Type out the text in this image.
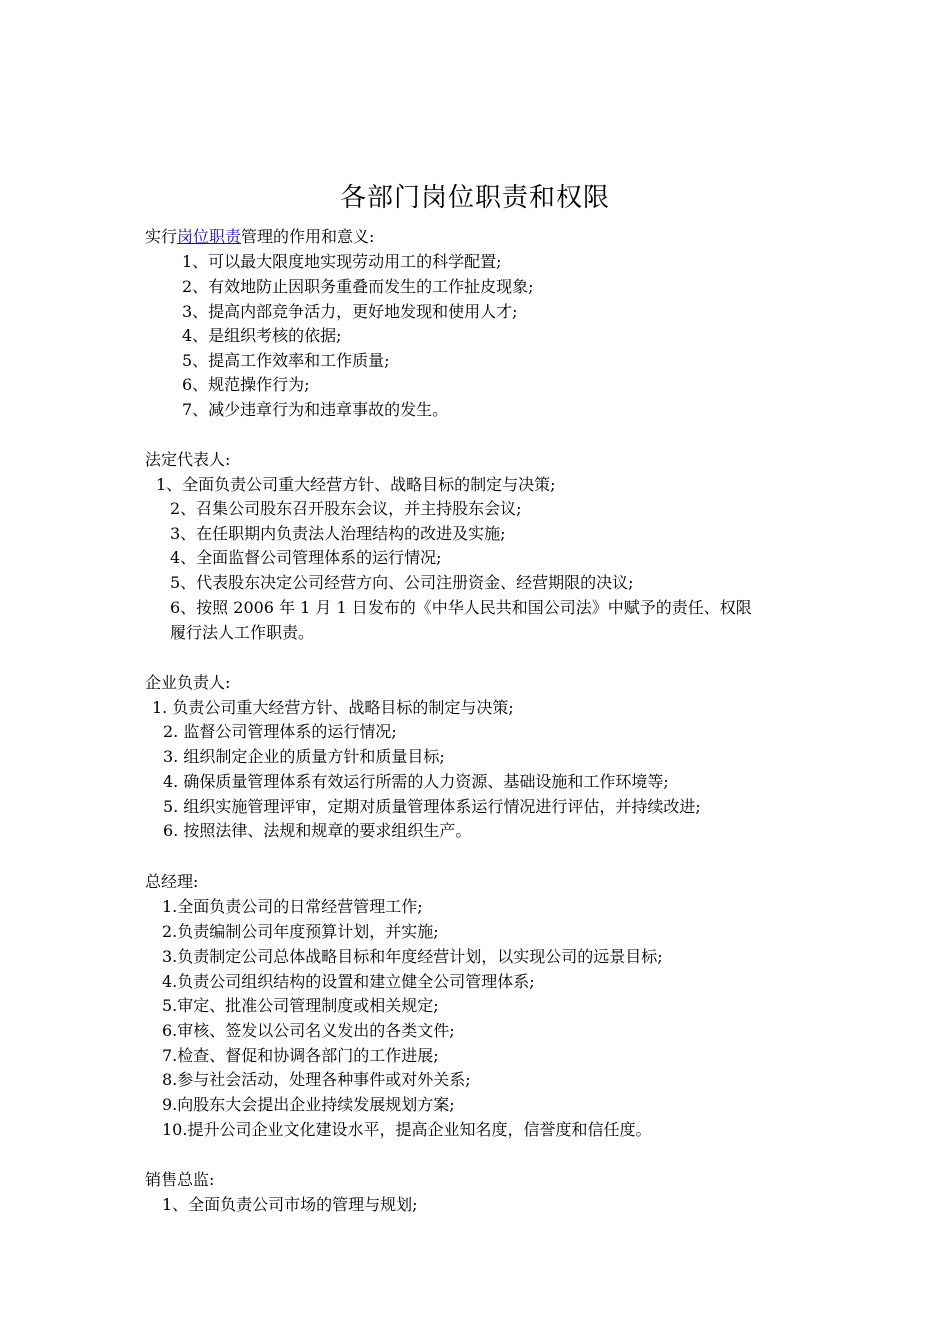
各部门岗位职责和权限
实行岗位职责管理的作用和意义:
1、可以最大限度地实现劳动用工的科学配置;
2、有效地防止因职务重叠而发生的工作扯皮现象;
3、提高内部竞争活力，更好地发现和使用人才;
4、是组织考核的依据;
5、提高工作效率和工作质量;
6、规范操作行为;
7、减少违章行为和违章事故的发生。
法定代表人:
1、全面负责公司重大经营方针、战略目标的制定与决策;
2、召集公司股东召开股东会议，并主持股东会议;
3、在任职期内负责法人治理结构的改进及实施;
4、全面监督公司管理体系的运行情况;
5、代表股东决定公司经营方向、公司注册资金、经营期限的决议;
6、按照 2006 年 1 月 1 日发布的《中华人民共和国公司法》中赋予的责任、权限
履行法人工作职责。
企业负责人:
1. 负责公司重大经营方针、战略目标的制定与决策;
2. 监督公司管理体系的运行情况;
3. 组织制定企业的质量方针和质量目标;
4. 确保质量管理体系有效运行所需的人力资源、基础设施和工作环境等;
5. 组织实施管理评审，定期对质量管理体系运行情况进行评估，并持续改进;
6. 按照法律、法规和规章的要求组织生产。
总经理:
1.全面负责公司的日常经营管理工作;
2.负责编制公司年度预算计划，并实施;
3.负责制定公司总体战略目标和年度经营计划，以实现公司的远景目标;
4.负责公司组织结构的设置和建立健全公司管理体系;
5.审定、批准公司管理制度或相关规定;
6.审核、签发以公司名义发出的各类文件;
7.检查、督促和协调各部门的工作进展;
8.参与社会活动，处理各种事件或对外关系;
9.向股东大会提出企业持续发展规划方案;
10.提升公司企业文化建设水平，提高企业知名度，信誉度和信任度。
销售总监:
1、全面负责公司市场的管理与规划;
